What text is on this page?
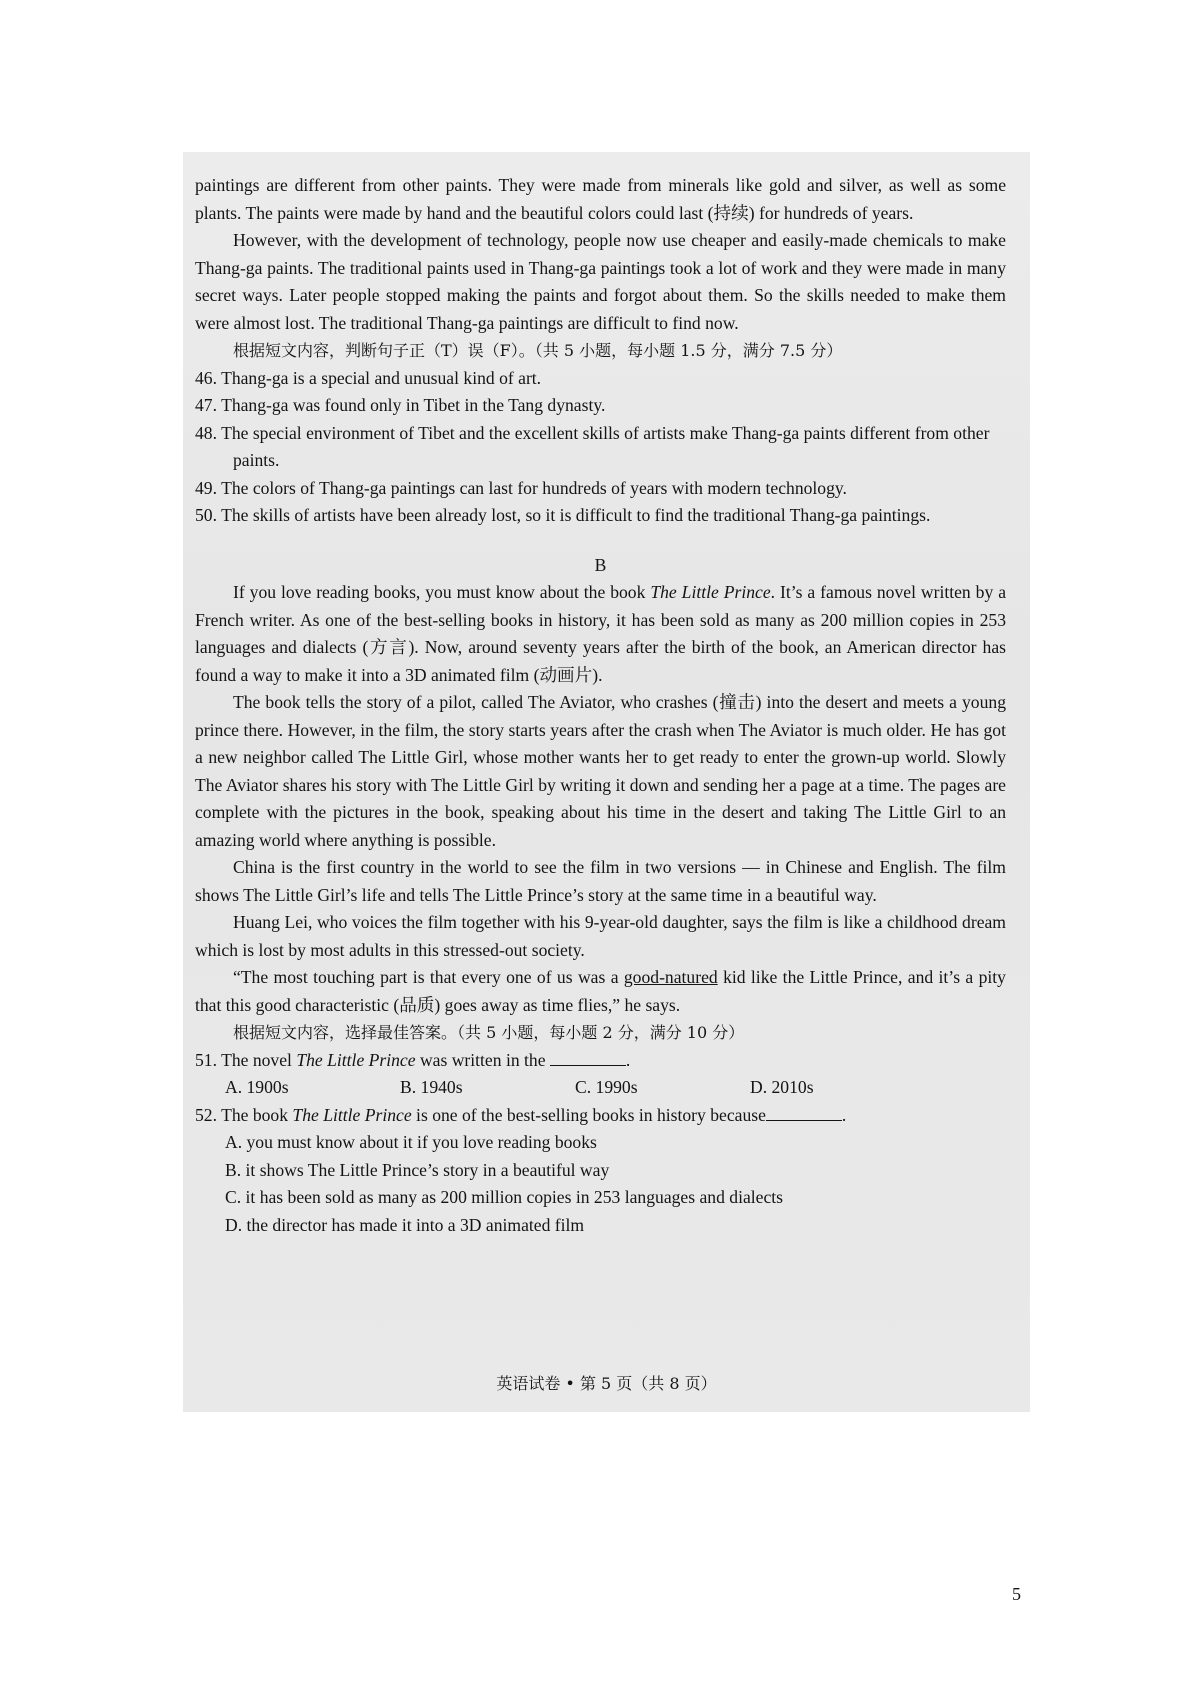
paintings are different from other paints. They were made from minerals like gold and silver, as well as some plants. The paints were made by hand and the beautiful colors could last (持续) for hundreds of years.

However, with the development of technology, people now use cheaper and easily-made chemicals to make Thang-ga paints. The traditional paints used in Thang-ga paintings took a lot of work and they were made in many secret ways. Later people stopped making the paints and forgot about them. So the skills needed to make them were almost lost. The traditional Thang-ga paintings are difficult to find now.

根据短文内容，判断句子正（T）误（F）。（共 5 小题，每小题 1.5 分，满分 7.5 分）

46. Thang-ga is a special and unusual kind of art.

47. Thang-ga was found only in Tibet in the Tang dynasty.

48. The special environment of Tibet and the excellent skills of artists make Thang-ga paints different from other paints.

49. The colors of Thang-ga paintings can last for hundreds of years with modern technology.

50. The skills of artists have been already lost, so it is difficult to find the traditional Thang-ga paintings.

B

If you love reading books, you must know about the book The Little Prince. It’s a famous novel written by a French writer. As one of the best-selling books in history, it has been sold as many as 200 million copies in 253 languages and dialects (方言). Now, around seventy years after the birth of the book, an American director has found a way to make it into a 3D animated film (动画片).

The book tells the story of a pilot, called The Aviator, who crashes (撞击) into the desert and meets a young prince there. However, in the film, the story starts years after the crash when The Aviator is much older. He has got a new neighbor called The Little Girl, whose mother wants her to get ready to enter the grown-up world. Slowly The Aviator shares his story with The Little Girl by writing it down and sending her a page at a time. The pages are complete with the pictures in the book, speaking about his time in the desert and taking The Little Girl to an amazing world where anything is possible.

China is the first country in the world to see the film in two versions — in Chinese and English. The film shows The Little Girl’s life and tells The Little Prince’s story at the same time in a beautiful way.

Huang Lei, who voices the film together with his 9-year-old daughter, says the film is like a childhood dream which is lost by most adults in this stressed-out society.

“The most touching part is that every one of us was a good-natured kid like the Little Prince, and it’s a pity that this good characteristic (品质) goes away as time flies,” he says.

根据短文内容，选择最佳答案。（共 5 小题，每小题 2 分，满分 10 分）

51. The novel The Little Prince was written in the	.

A. 1900s	B. 1940s	C. 1990s	D. 2010s

52. The book The Little Prince is one of the best-selling books in history because	.

A. you must know about it if you love reading books

B. it shows The Little Prince’s story in a beautiful way

C. it has been sold as many as 200 million copies in 253 languages and dialects

D. the director has made it into a 3D animated film

英语试卷 • 第 5 页（共 8 页）
5
